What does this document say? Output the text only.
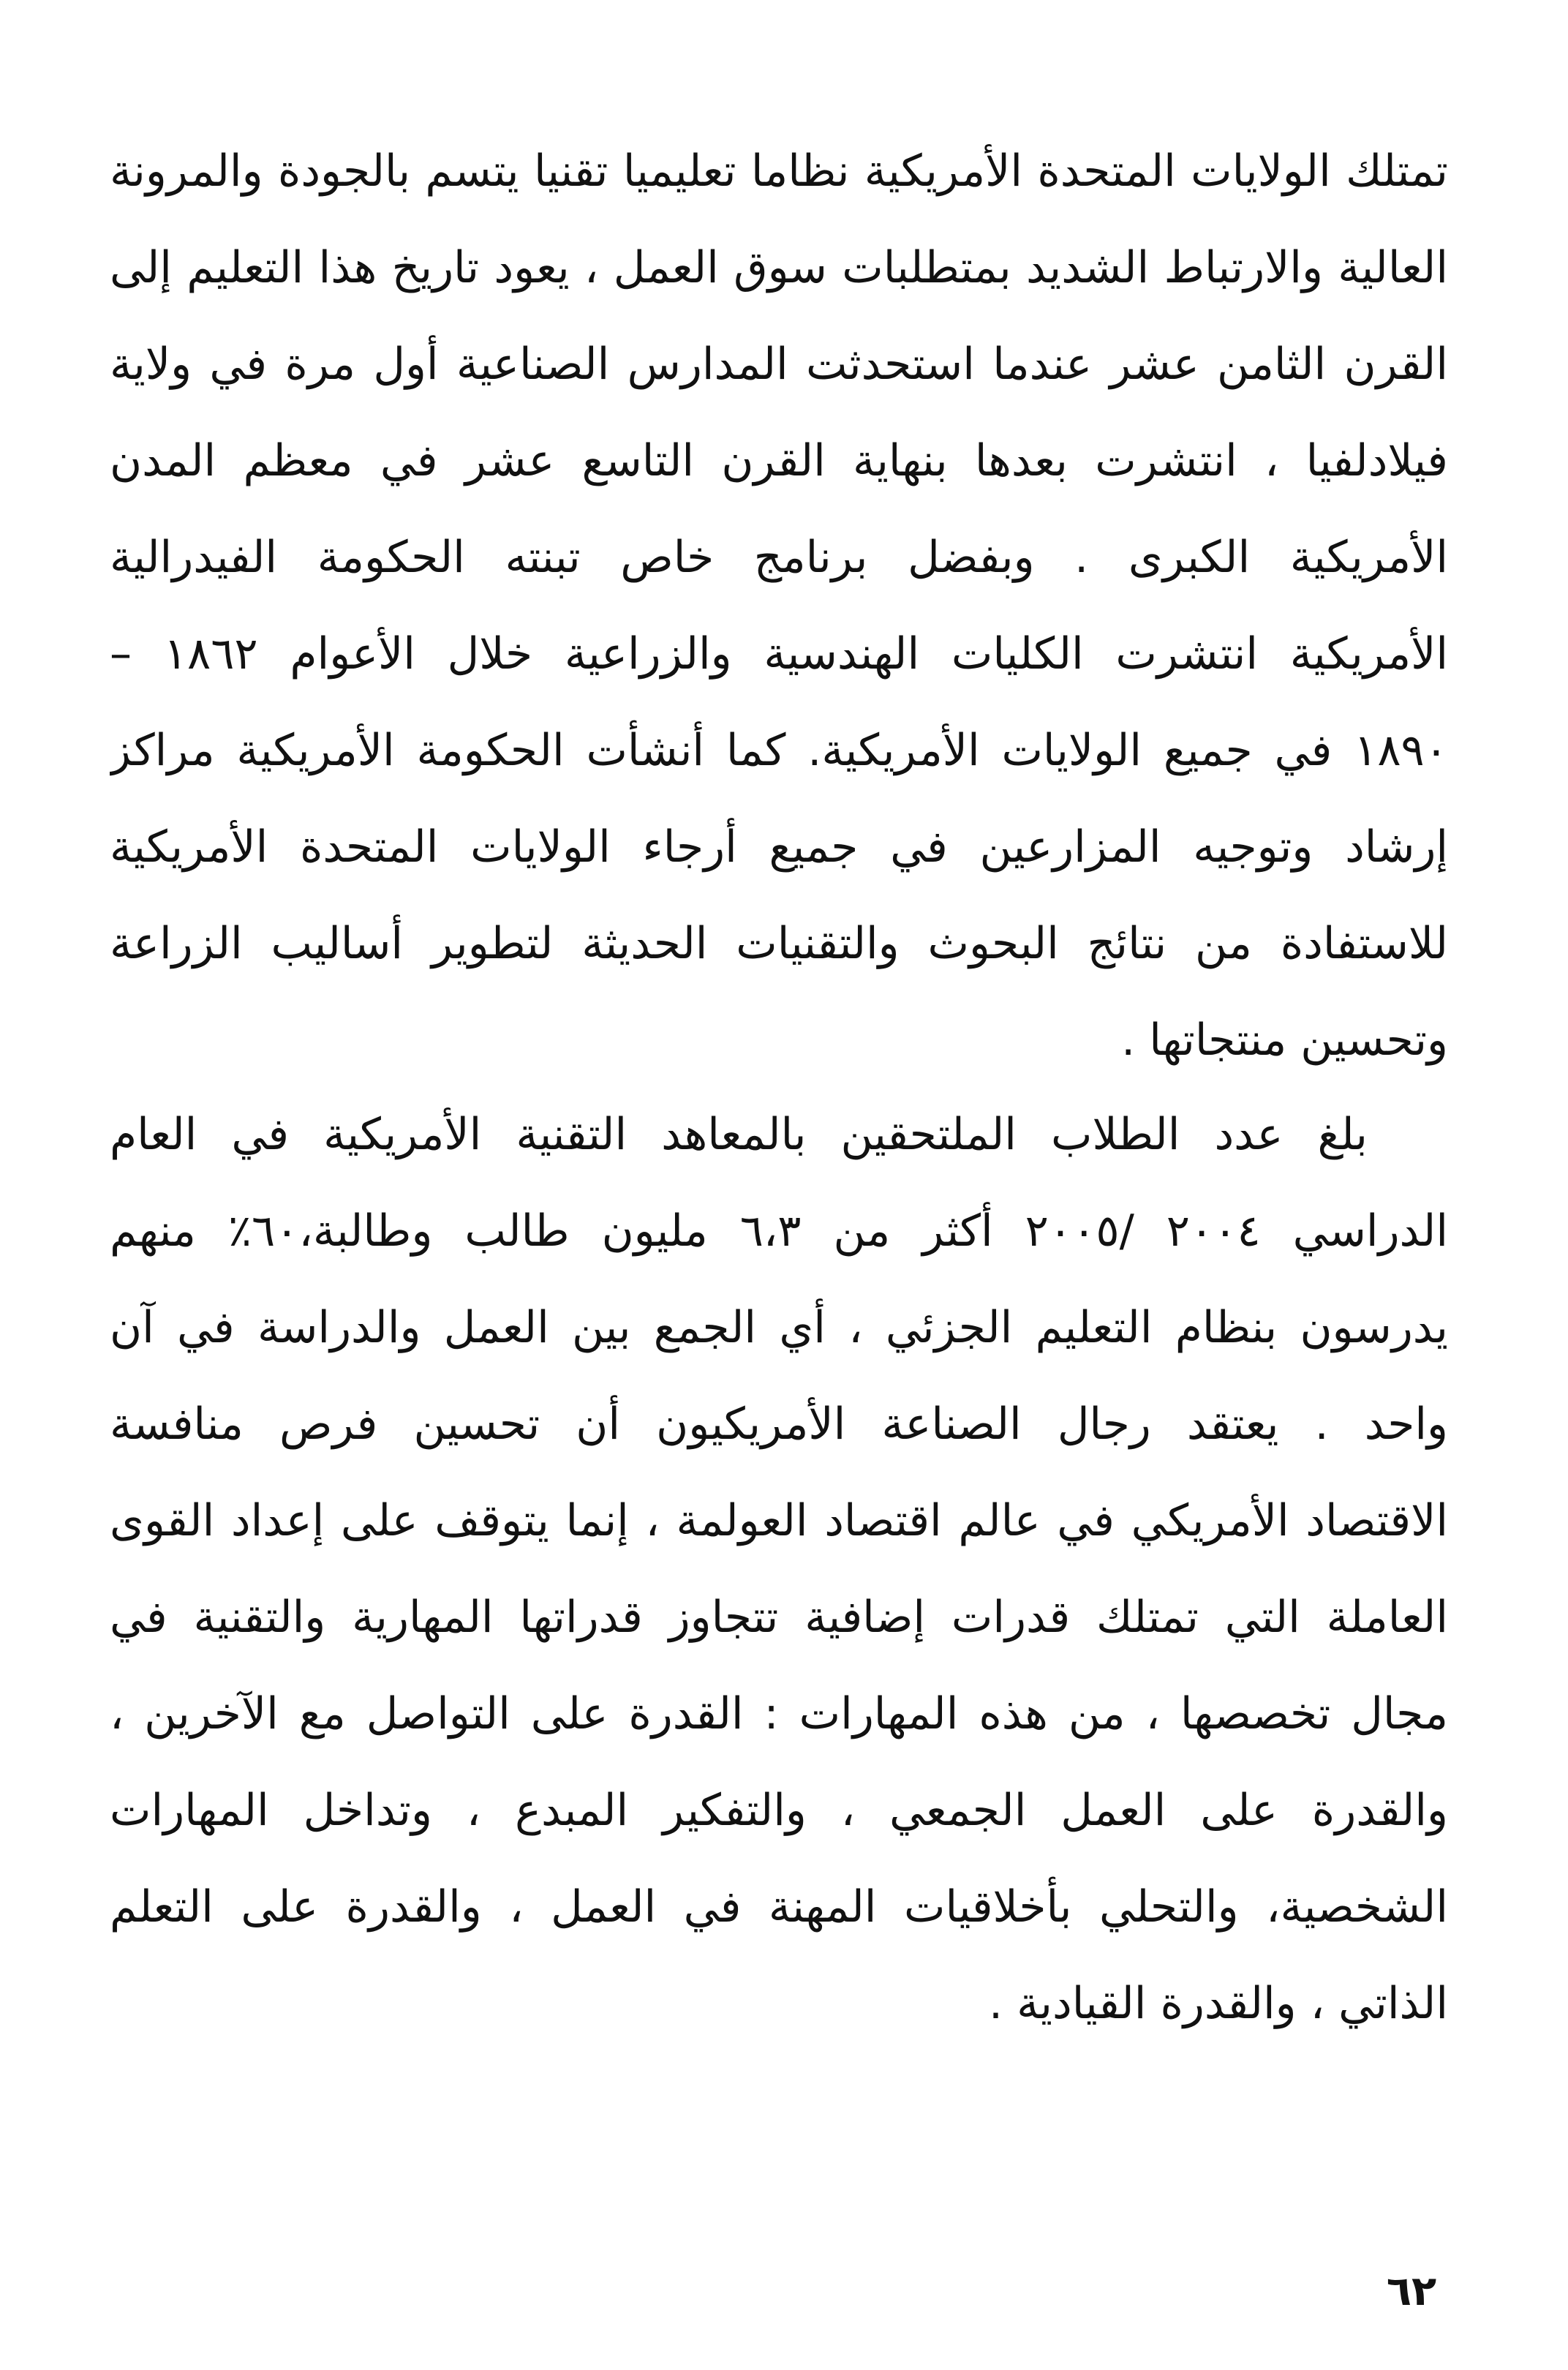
تمتلك الولايات المتحدة الأمريكية نظاما تعليميا تقنيا يتسم بالجودة والمرونة
العالية والارتباط الشديد بمتطلبات سوق العمل ، يعود تاريخ هذا التعليم إلى
القرن الثامن عشر عندما استحدثت المدارس الصناعية أول مرة في ولاية
فيلادلفيا ، انتشرت بعدها بنهاية القرن التاسع عشر في معظم المدن
الأمريكية الكبرى . وبفضل برنامج خاص تبنته الحكومة الفيدرالية
الأمريكية انتشرت الكليات الهندسية والزراعية خلال الأعوام ١٨٦٢ –
١٨٩٠ في جميع الولايات الأمريكية. كما أنشأت الحكومة الأمريكية مراكز
إرشاد وتوجيه المزارعين في جميع أرجاء الولايات المتحدة الأمريكية
للاستفادة من نتائج البحوث والتقنيات الحديثة لتطوير أساليب الزراعة
وتحسين منتجاتها .
بلغ عدد الطلاب الملتحقين بالمعاهد التقنية الأمريكية في العام
الدراسي ٢٠٠٤ /٢٠٠٥ أكثر من ٦،٣ مليون طالب وطالبة،٦٠٪ منهم
يدرسون بنظام التعليم الجزئي ، أي الجمع بين العمل والدراسة في آن
واحد . يعتقد رجال الصناعة الأمريكيون أن تحسين فرص منافسة
الاقتصاد الأمريكي في عالم اقتصاد العولمة ، إنما يتوقف على إعداد القوى
العاملة التي تمتلك قدرات إضافية تتجاوز قدراتها المهارية والتقنية في
مجال تخصصها ، من هذه المهارات : القدرة على التواصل مع الآخرين ،
والقدرة على العمل الجمعي ، والتفكير المبدع ، وتداخل المهارات
الشخصية، والتحلي بأخلاقيات المهنة في العمل ، والقدرة على التعلم
الذاتي ، والقدرة القيادية .
٦٢
